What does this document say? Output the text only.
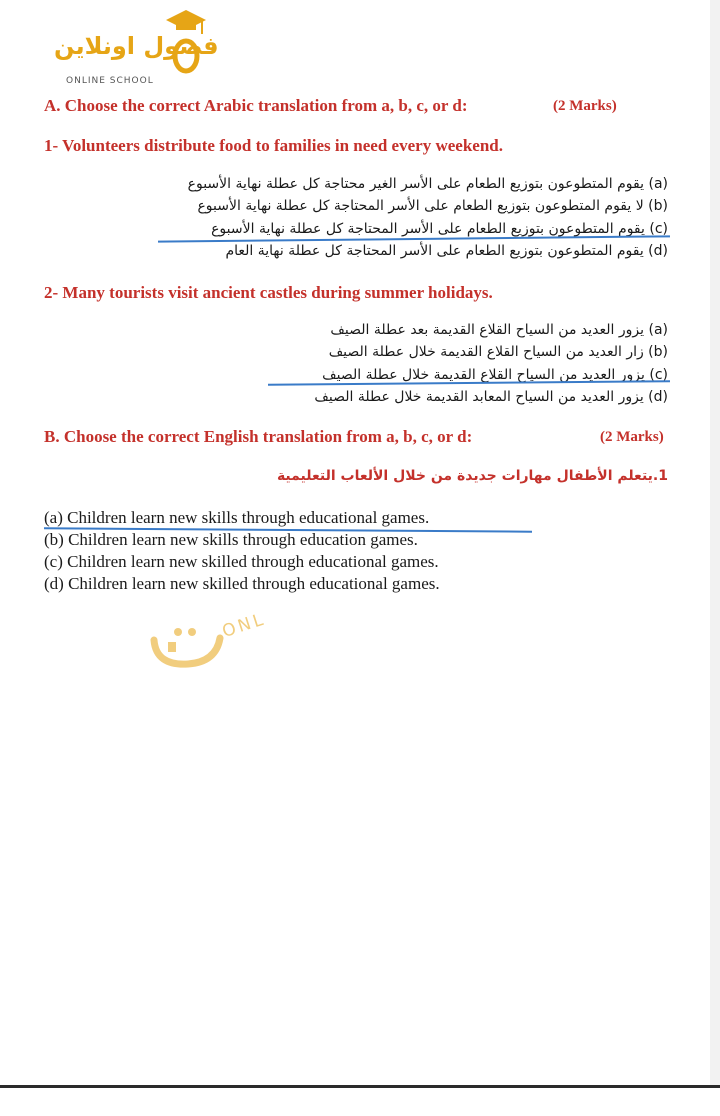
فصول اونلاين
ONLINE SCHOOL
A. Choose the correct Arabic translation from a, b, c, or d:	(2 Marks)
1- Volunteers distribute food to families in need every weekend.
(a) يقوم المتطوعون بتوزيع الطعام على الأسر الغير محتاجة كل عطلة نهاية الأسبوع
(b) لا يقوم المتطوعون بتوزيع الطعام على الأسر المحتاجة كل عطلة نهاية الأسبوع
(c) يقوم المتطوعون بتوزيع الطعام على الأسر المحتاجة كل عطلة نهاية الأسبوع
(d) يقوم المتطوعون بتوزيع الطعام على الأسر المحتاجة كل عطلة نهاية العام
2- Many tourists visit ancient castles during summer holidays.
(a) يزور العديد من السياح القلاع القديمة بعد عطلة الصيف
(b) زار العديد من السياح القلاع القديمة خلال عطلة الصيف
(c) يزور العديد من السياح القلاع القديمة خلال عطلة الصيف
(d) يزور العديد من السياح المعابد القديمة خلال عطلة الصيف
B. Choose the correct English translation from a, b, c, or d:	(2 Marks)
1.يتعلم الأطفال مهارات جديدة من خلال الألعاب التعليمية
(a) Children learn new skills through educational games.
(b) Children learn new skills through education games.
(c) Children learn new skilled through educational games.
(d) Children learn new skilled through educational games.
ONL
